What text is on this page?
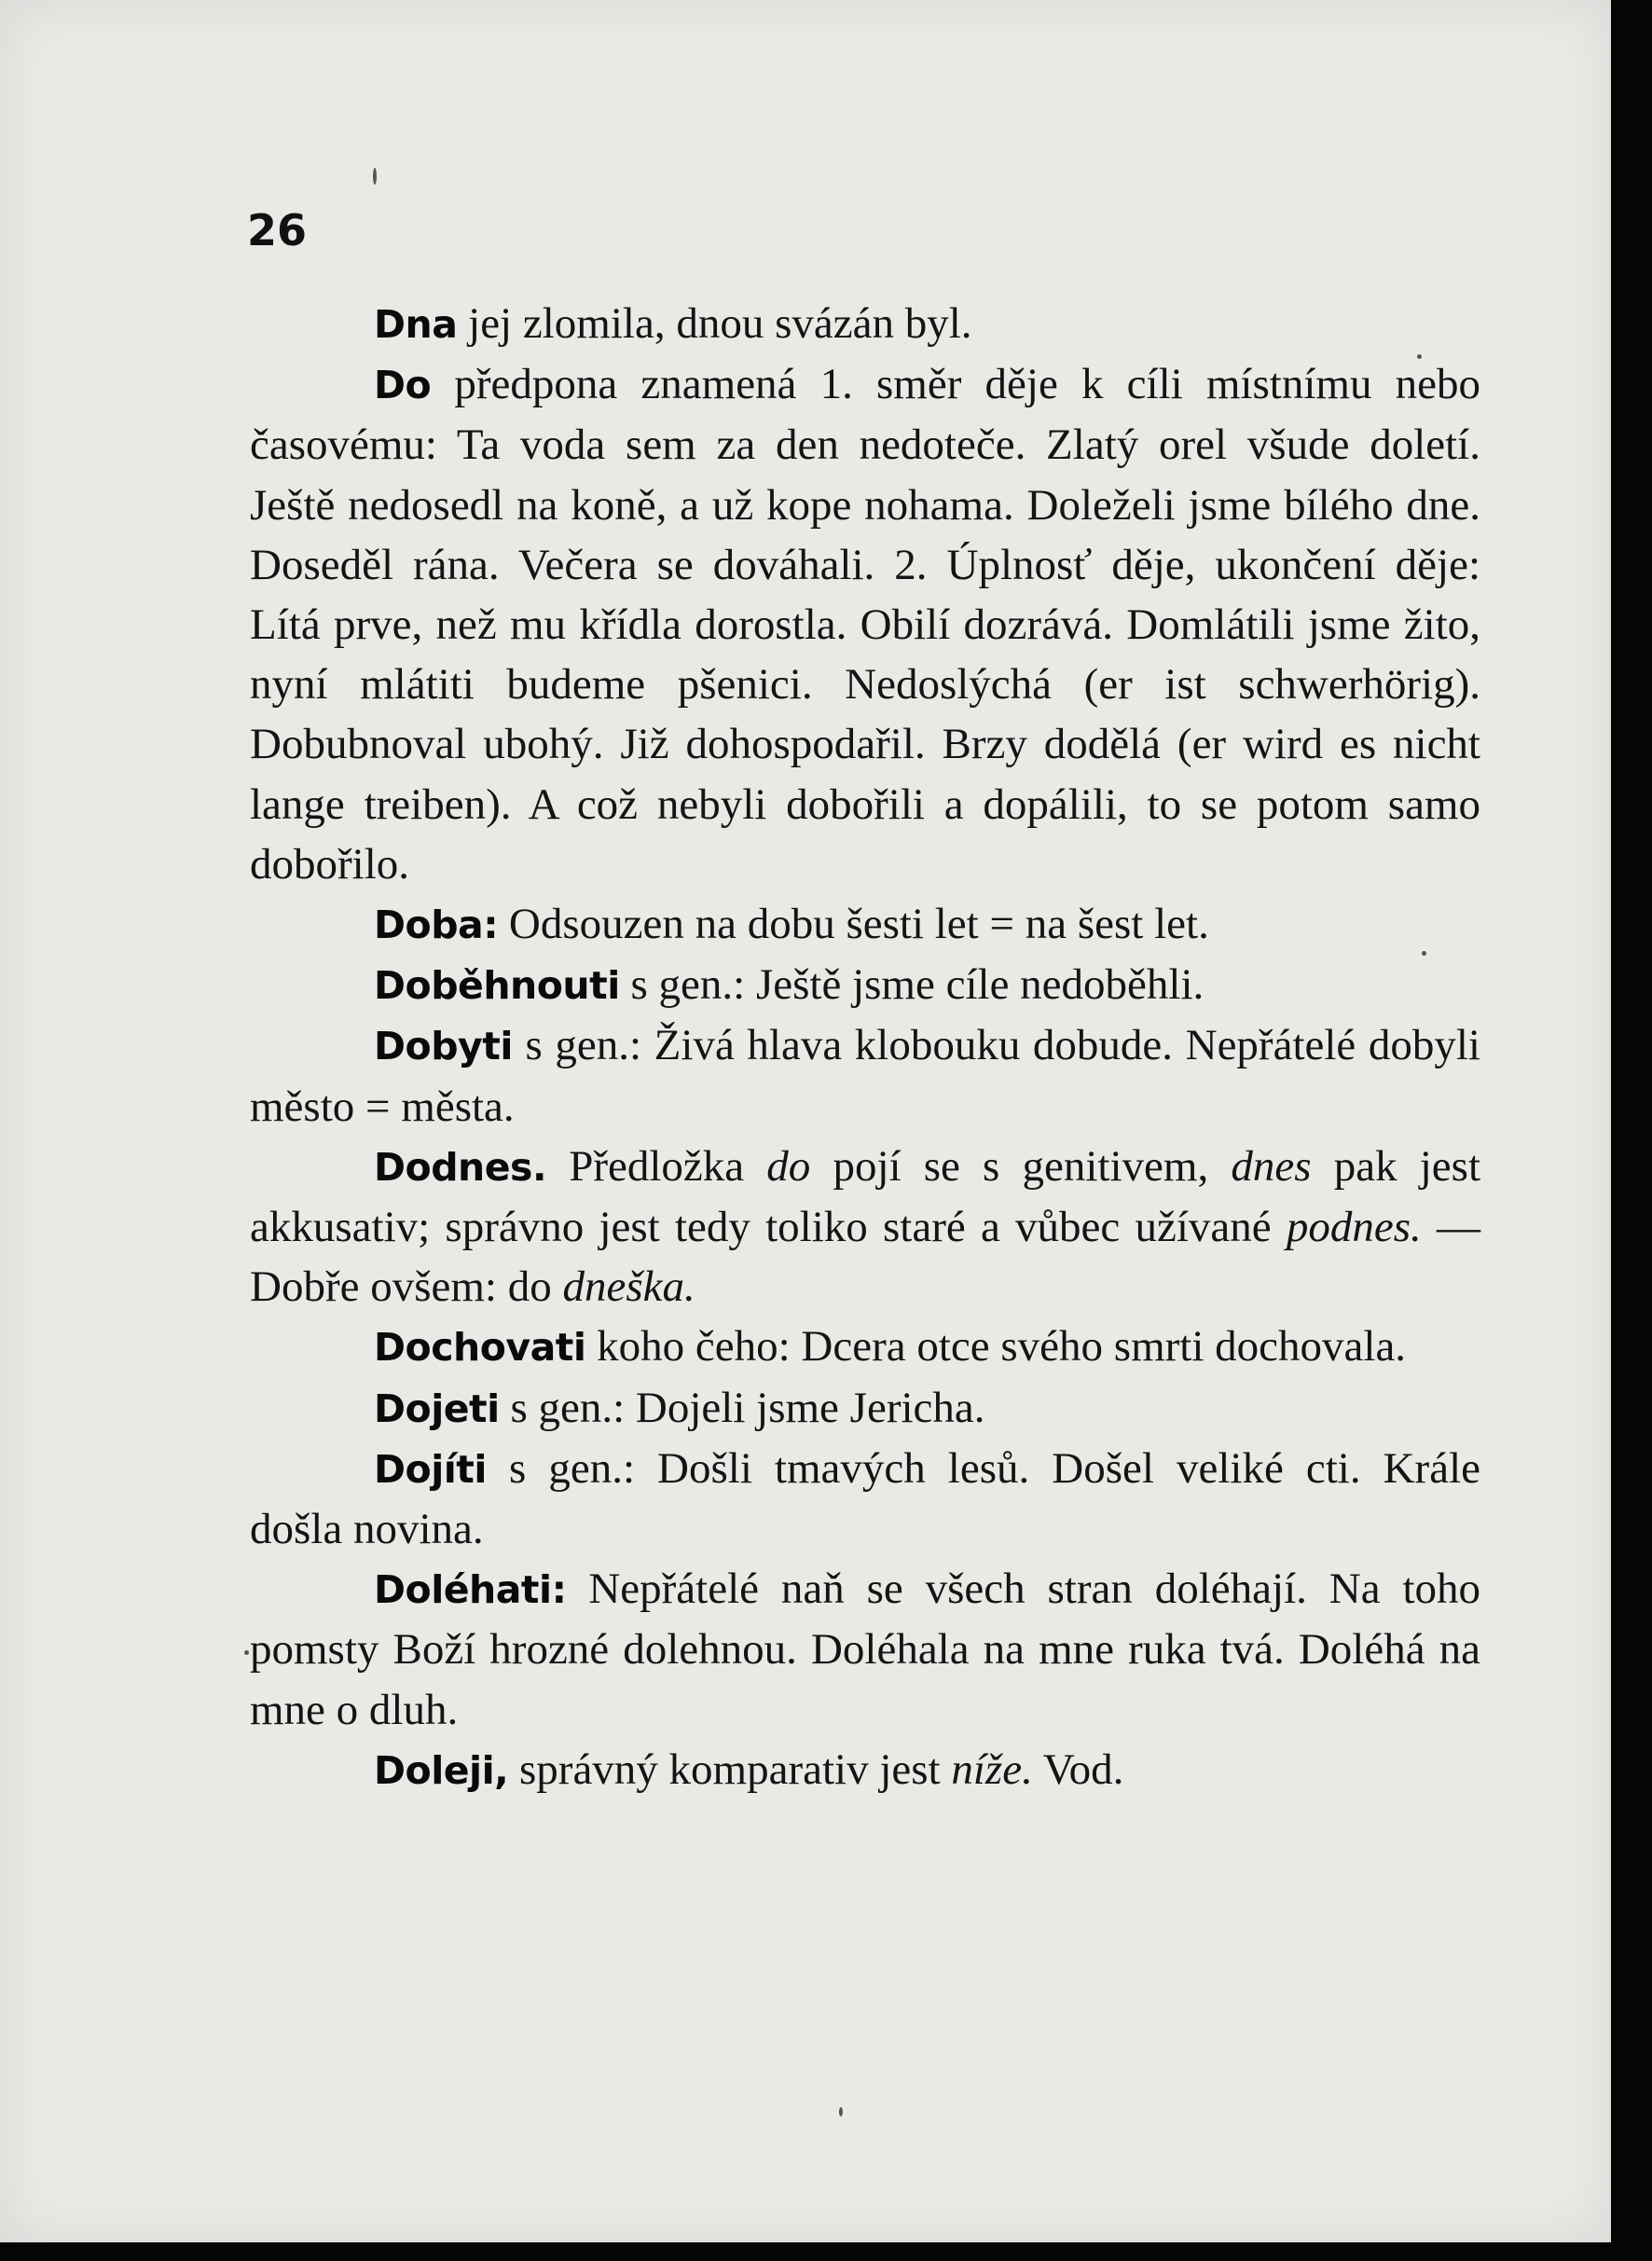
26

Dna jej zlomila, dnou svázán byl.

Do předpona znamená 1. směr děje k cíli místnímu nebo časovému: Ta voda sem za den nedoteče. Zlatý orel všude doletí. Ještě nedosedl na koně, a už kope nohama. Doleželi jsme bílého dne. Doseděl rána. Večera se dováhali. 2. Úplnosť děje, ukončení děje: Lítá prve, než mu křídla dorostla. Obilí dozrává. Domlátili jsme žito, nyní mlátiti budeme pšenici. Nedoslýchá (er ist schwerhörig). Dobubnoval ubohý. Již dohospodařil. Brzy dodělá (er wird es nicht lange treiben). A což nebyli dobořili a dopálili, to se potom samo dobořilo.

Doba: Odsouzen na dobu šesti let = na šest let.

Doběhnouti s gen.: Ještě jsme cíle nedoběhli.

Dobyti s gen.: Živá hlava klobouku dobude. Nepřátelé dobyli město = města.

Dodnes. Předložka do pojí se s genitivem, dnes pak jest akkusativ; správno jest tedy toliko staré a vůbec užívané podnes. — Dobře ovšem: do dneška.

Dochovati koho čeho: Dcera otce svého smrti dochovala.

Dojeti s gen.: Dojeli jsme Jericha.

Dojíti s gen.: Došli tmavých lesů. Došel veliké cti. Krále došla novina.

Doléhati: Nepřátelé naň se všech stran doléhají. Na toho pomsty Boží hrozné dolehnou. Doléhala na mne ruka tvá. Doléhá na mne o dluh.

Doleji, správný komparativ jest níže. Vod.
